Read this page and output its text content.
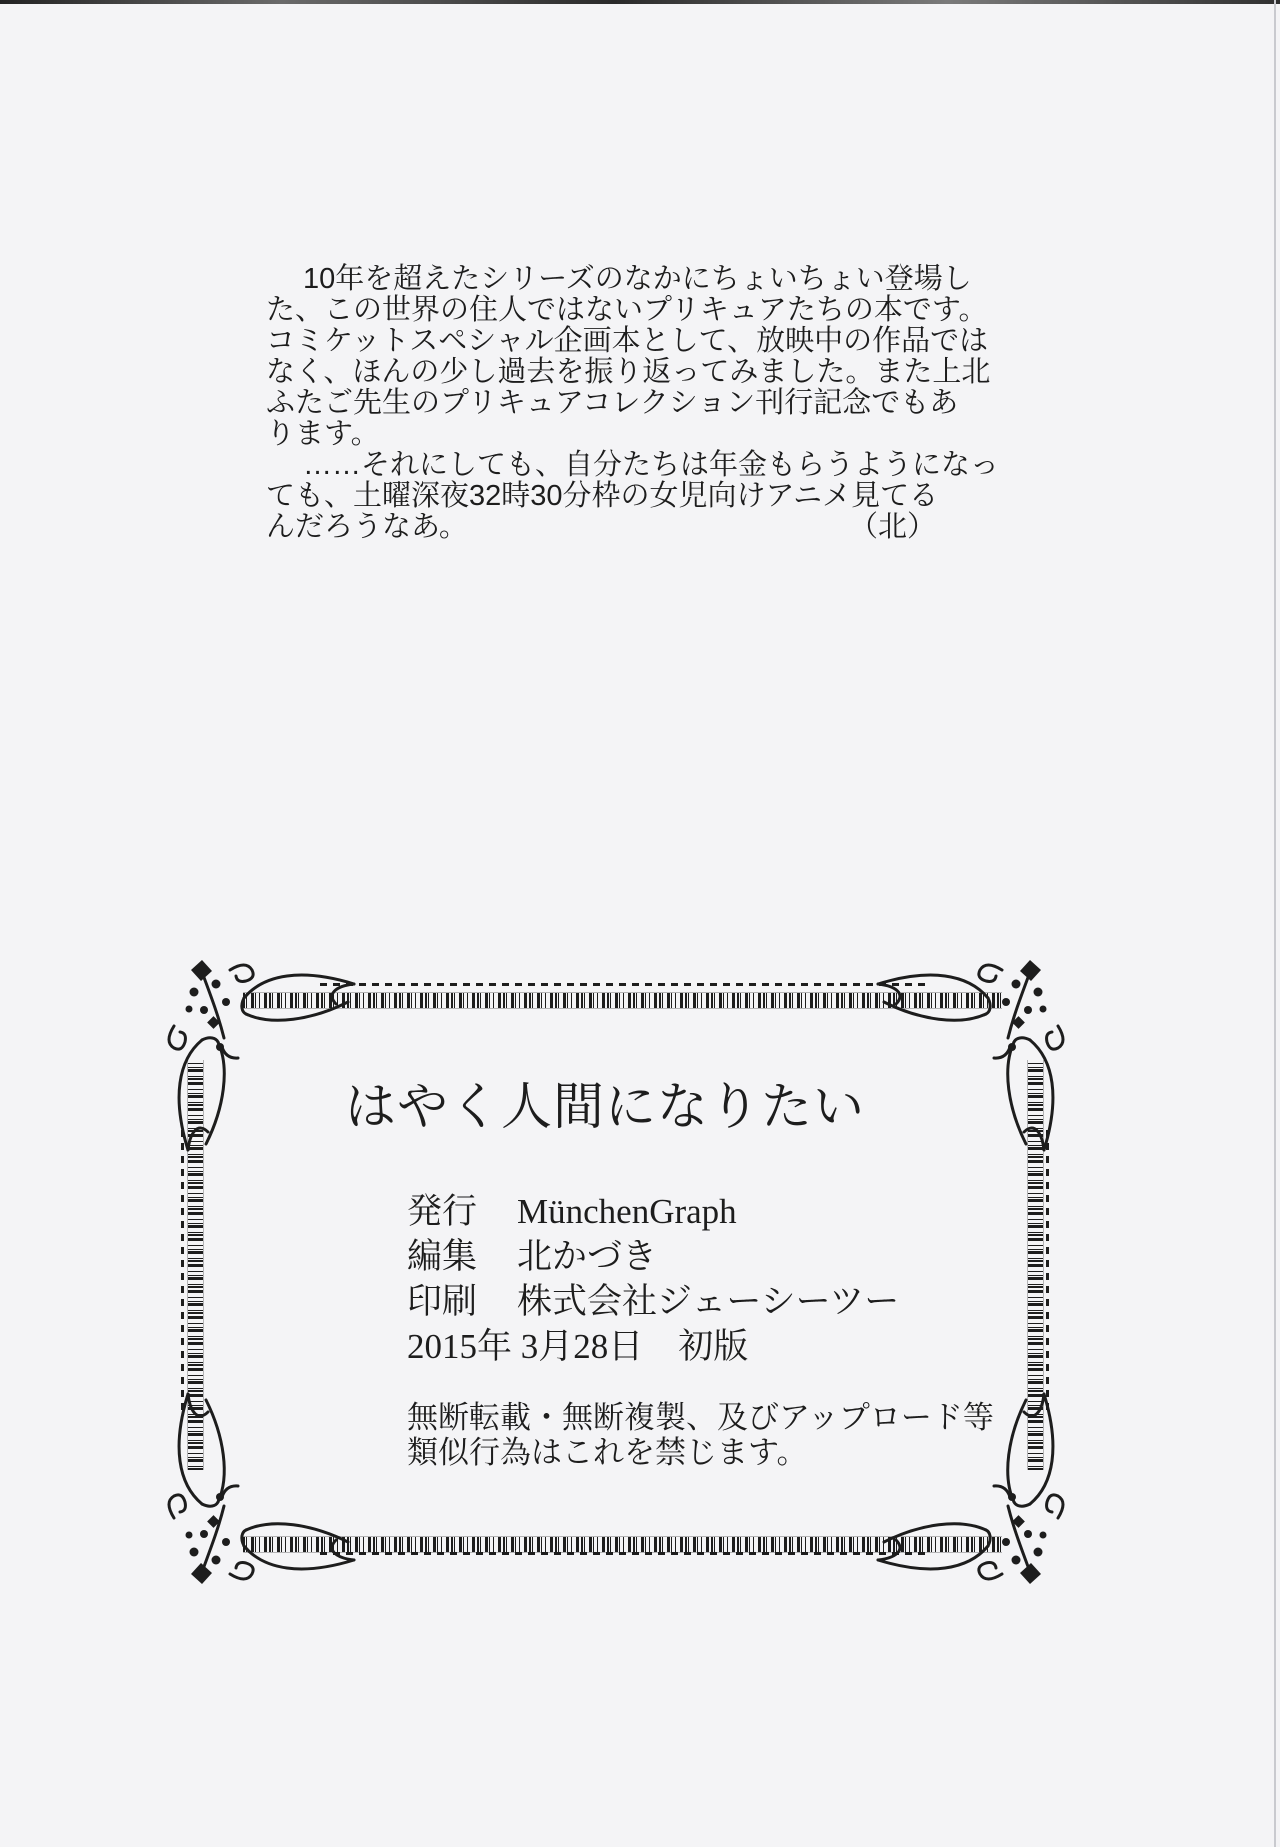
10年を超えたシリーズのなかにちょいちょい登場し
た、この世界の住人ではないプリキュアたちの本です。
コミケットスペシャル企画本として、放映中の作品では
なく、ほんの少し過去を振り返ってみました。また上北
ふたご先生のプリキュアコレクション刊行記念でもあ
ります。
……それにしても、自分たちは年金もらうようになっ
ても、土曜深夜32時30分枠の女児向けアニメ見てる
んだろうなあ。	（北）
はやく人間になりたい
発行 MünchenGraph
編集 北かづき
印刷 株式会社ジェーシーツー
2015年 3月28日　初版
無断転載・無断複製、及びアップロード等
類似行為はこれを禁じます。
